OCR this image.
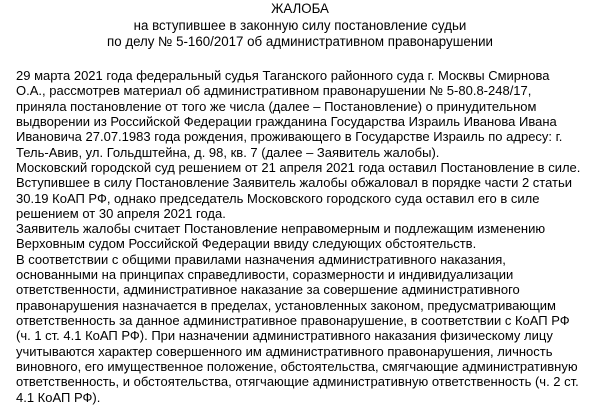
ЖАЛОБА
на вступившее в законную силу постановление судьи
по делу № 5-160/2017 об административном правонарушении
29 марта 2021 года федеральный судья Таганского районного суда г. Москвы Смирнова
О.А., рассмотрев материал об административном правонарушении № 5-80.8-248/17,
приняла постановление от того же числа (далее – Постановление) о принудительном
выдворении из Российской Федерации гражданина Государства Израиль Иванова Ивана
Ивановича 27.07.1983 года рождения, проживающего в Государстве Израиль по адресу: г.
Тель-Авив, ул. Гольдштейна, д. 98, кв. 7 (далее – Заявитель жалобы).
Московский городской суд решением от 21 апреля 2021 года оставил Постановление в силе.
Вступившее в силу Постановление Заявитель жалобы обжаловал в порядке части 2 статьи
30.19 КоАП РФ, однако председатель Московского городского суда оставил его в силе
решением от 30 апреля 2021 года.
Заявитель жалобы считает Постановление неправомерным и подлежащим изменению
Верховным судом Российской Федерации ввиду следующих обстоятельств.
В соответствии с общими правилами назначения административного наказания,
основанными на принципах справедливости, соразмерности и индивидуализации
ответственности, административное наказание за совершение административного
правонарушения назначается в пределах, установленных законом, предусматривающим
ответственность за данное административное правонарушение, в соответствии с КоАП РФ
(ч. 1 ст. 4.1 КоАП РФ). При назначении административного наказания физическому лицу
учитываются характер совершенного им административного правонарушения, личность
виновного, его имущественное положение, обстоятельства, смягчающие административную
ответственность, и обстоятельства, отягчающие административную ответственность (ч. 2 ст.
4.1 КоАП РФ).
